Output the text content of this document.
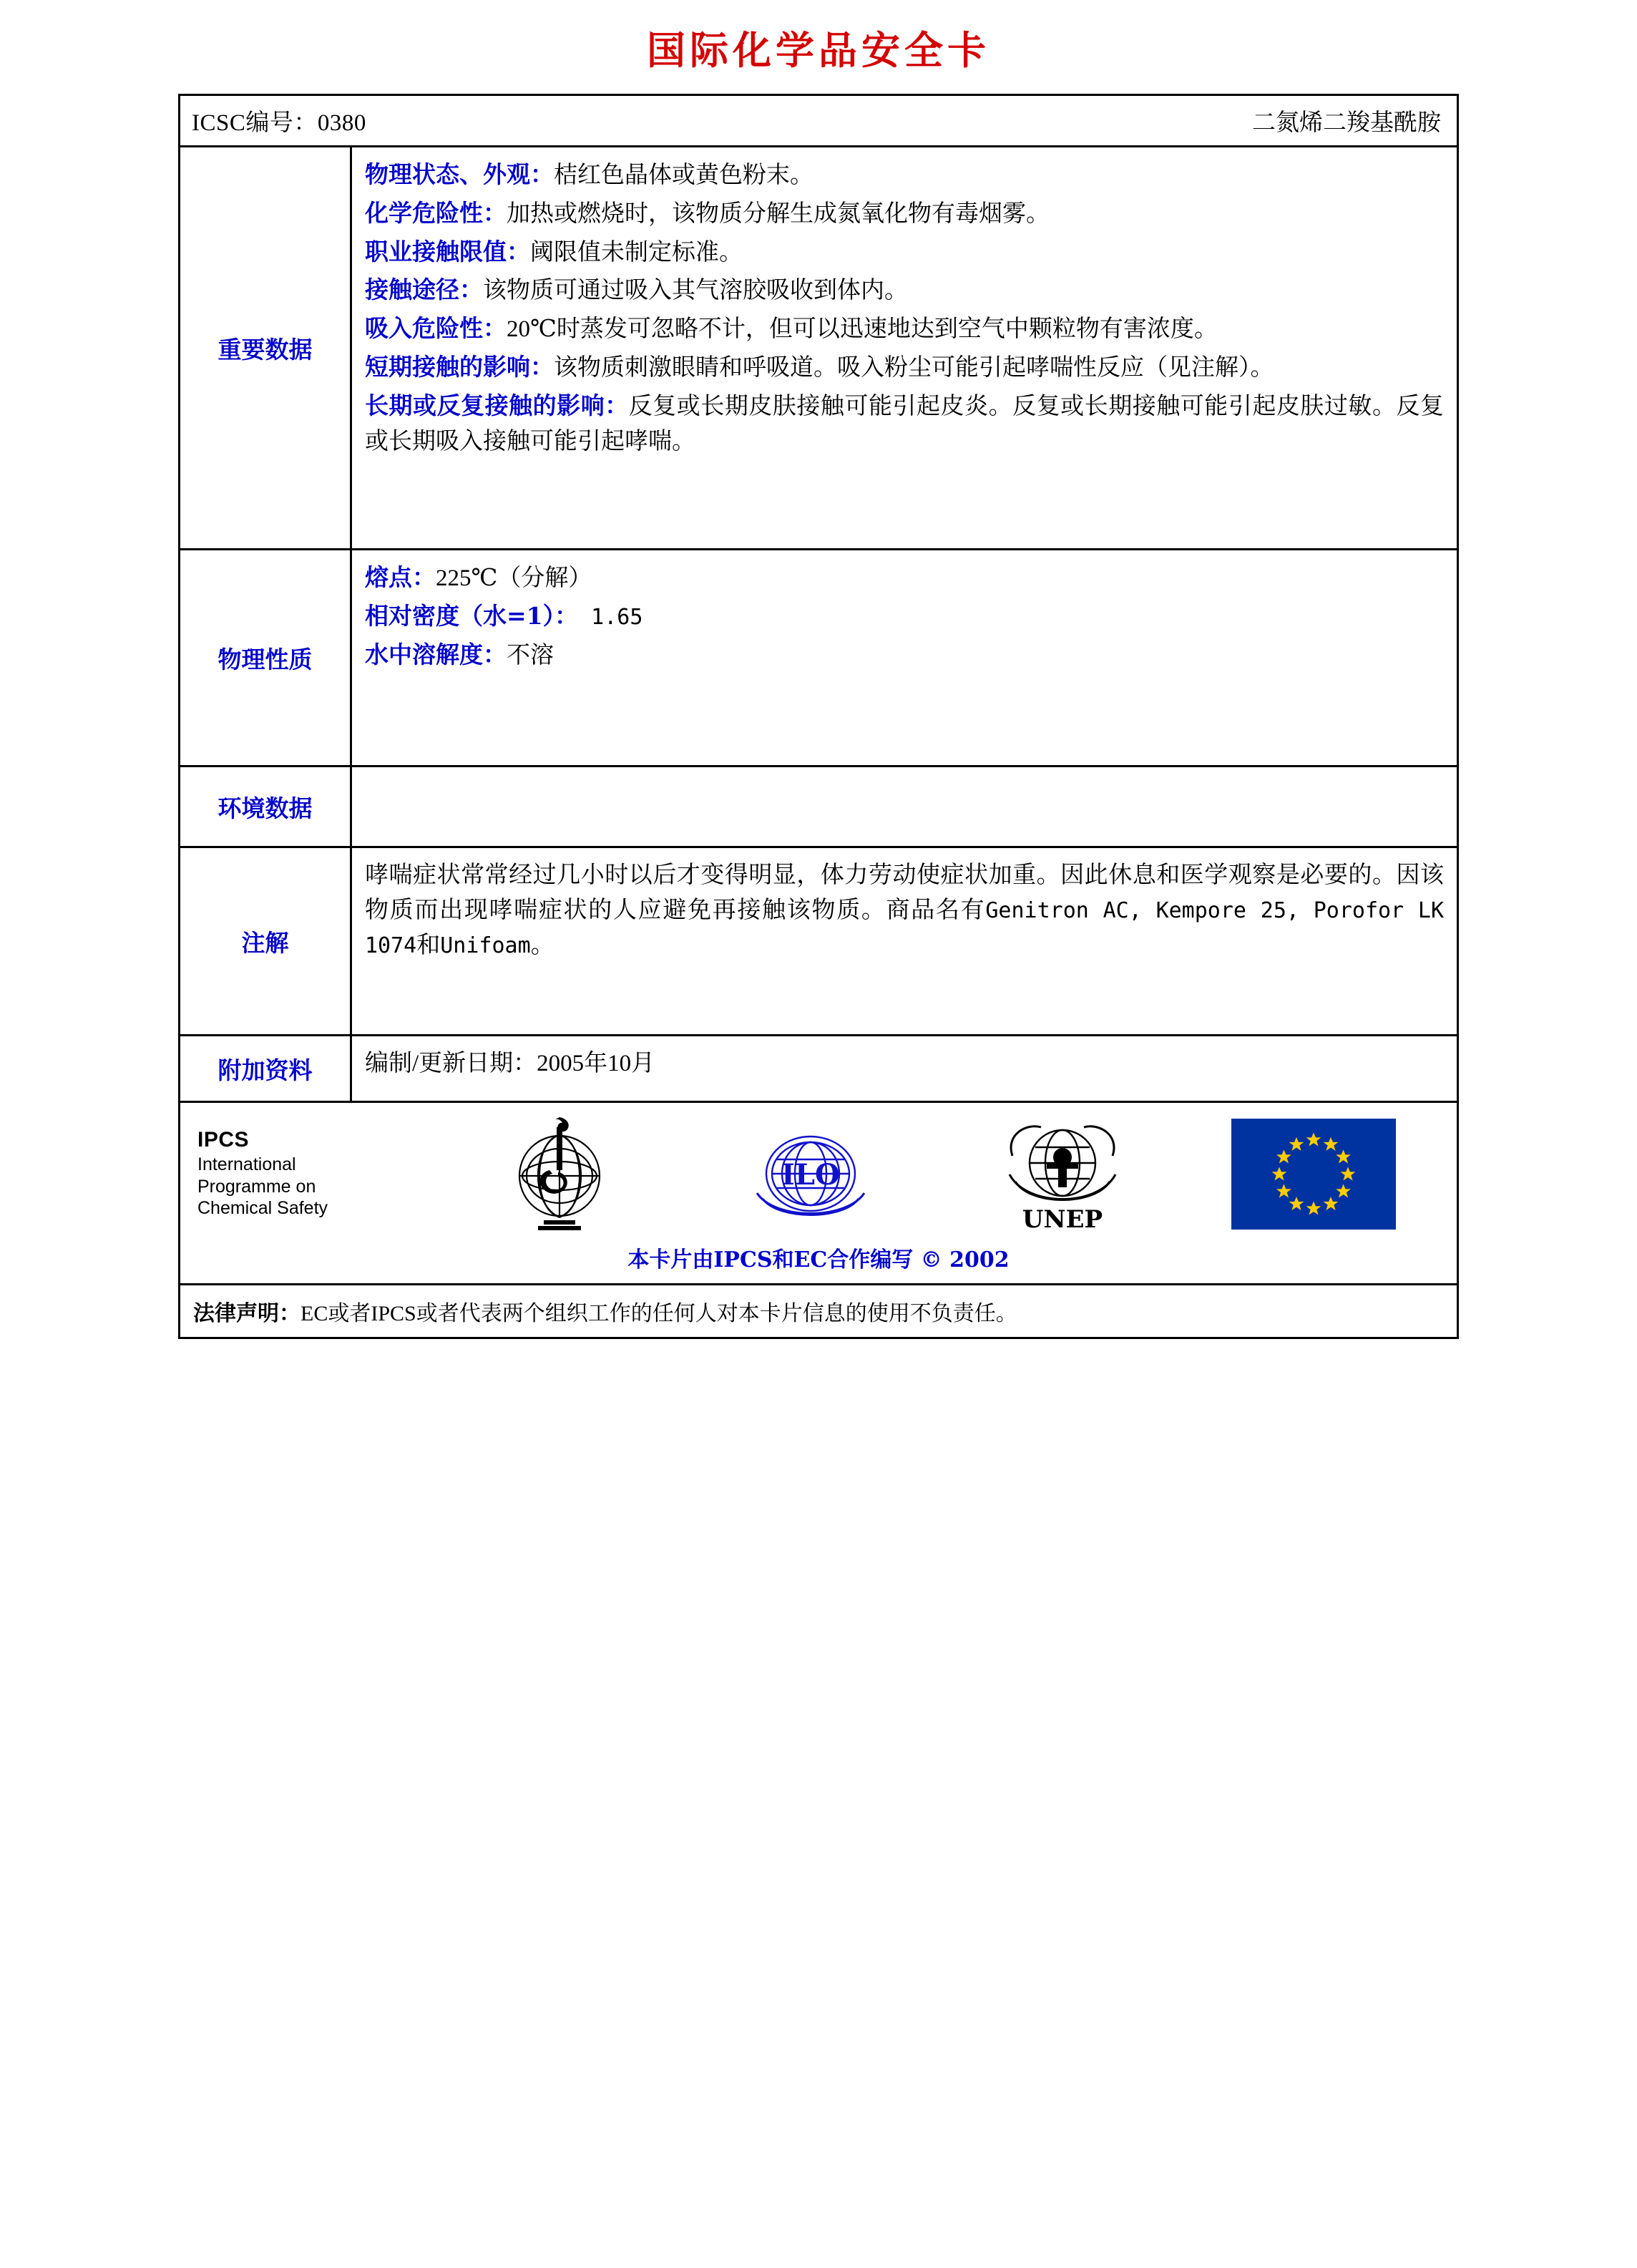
国际化学品安全卡
ICSC编号：0380	二氮烯二羧基酰胺
重要数据

物理状态、外观：桔红色晶体或黄色粉末。

化学危险性：加热或燃烧时，该物质分解生成氮氧化物有毒烟雾。

职业接触限值：阈限值未制定标准。

接触途径：该物质可通过吸入其气溶胶吸收到体内。

吸入危险性：20℃时蒸发可忽略不计，但可以迅速地达到空气中颗粒物有害浓度。

短期接触的影响：该物质刺激眼睛和呼吸道。吸入粉尘可能引起哮喘性反应（见注解）。

长期或反复接触的影响：反复或长期皮肤接触可能引起皮炎。反复或长期接触可能引起皮肤过敏。反复或长期吸入接触可能引起哮喘。

物理性质

熔点：225℃（分解）

相对密度（水=1）： 1.65

水中溶解度：不溶

环境数据
注解

哮喘症状常常经过几小时以后才变得明显，体力劳动使症状加重。因此休息和医学观察是必要的。因该物质而出现哮喘症状的人应避免再接触该物质。商品名有Genitron AC, Kempore 25, Porofor LK 1074和Unifoam。

附加资料	编制/更新日期：2005年10月

IPCS
International
Programme on
Chemical Safety
ILO
UNEP
本卡片由IPCS和EC合作编写 © 2002
法律声明：EC或者IPCS或者代表两个组织工作的任何人对本卡片信息的使用不负责任。
